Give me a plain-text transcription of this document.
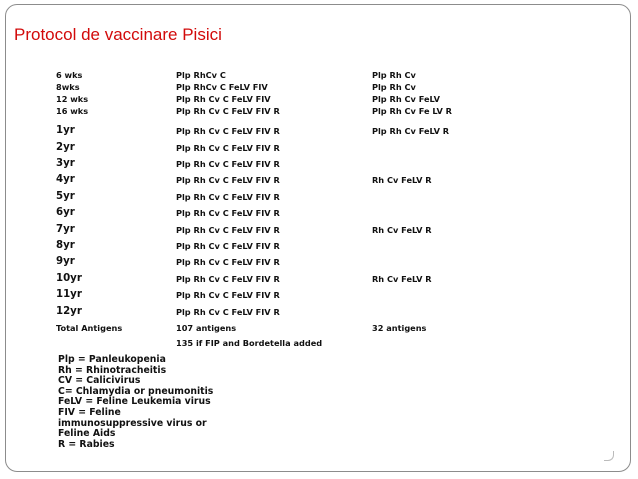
Protocol de vaccinare Pisici
6 wks	Plp RhCv C	Plp Rh Cv
8wks	Plp RhCv C FeLV FIV	Plp Rh Cv
12 wks	Plp Rh Cv C FeLV FIV	Plp Rh Cv FeLV
16 wks	Plp Rh Cv C FeLV FIV R	Plp Rh Cv Fe LV R
1yr	Plp Rh Cv C FeLV FIV R	Plp Rh Cv FeLV R
2yr	Plp Rh Cv C FeLV FIV R
3yr	Plp Rh Cv C FeLV FIV R
4yr	Plp Rh Cv C FeLV FIV R	Rh Cv FeLV R
5yr	Plp Rh Cv C FeLV FIV R
6yr	Plp Rh Cv C FeLV FIV R
7yr	Plp Rh Cv C FeLV FIV R	Rh Cv FeLV R
8yr	Plp Rh Cv C FeLV FIV R
9yr	Plp Rh Cv C FeLV FIV R
10yr	Plp Rh Cv C FeLV FIV R	Rh Cv FeLV R
11yr	Plp Rh Cv C FeLV FIV R
12yr	Plp Rh Cv C FeLV FIV R
Total Antigens	107 antigens	32 antigens
135 if FIP and Bordetella added
Plp = Panleukopenia
Rh = Rhinotracheitis
CV = Calicivirus
C= Chlamydia or pneumonitis
FeLV = Feline Leukemia virus
FIV = Feline
immunosuppressive virus or
Feline Aids
R = Rabies
